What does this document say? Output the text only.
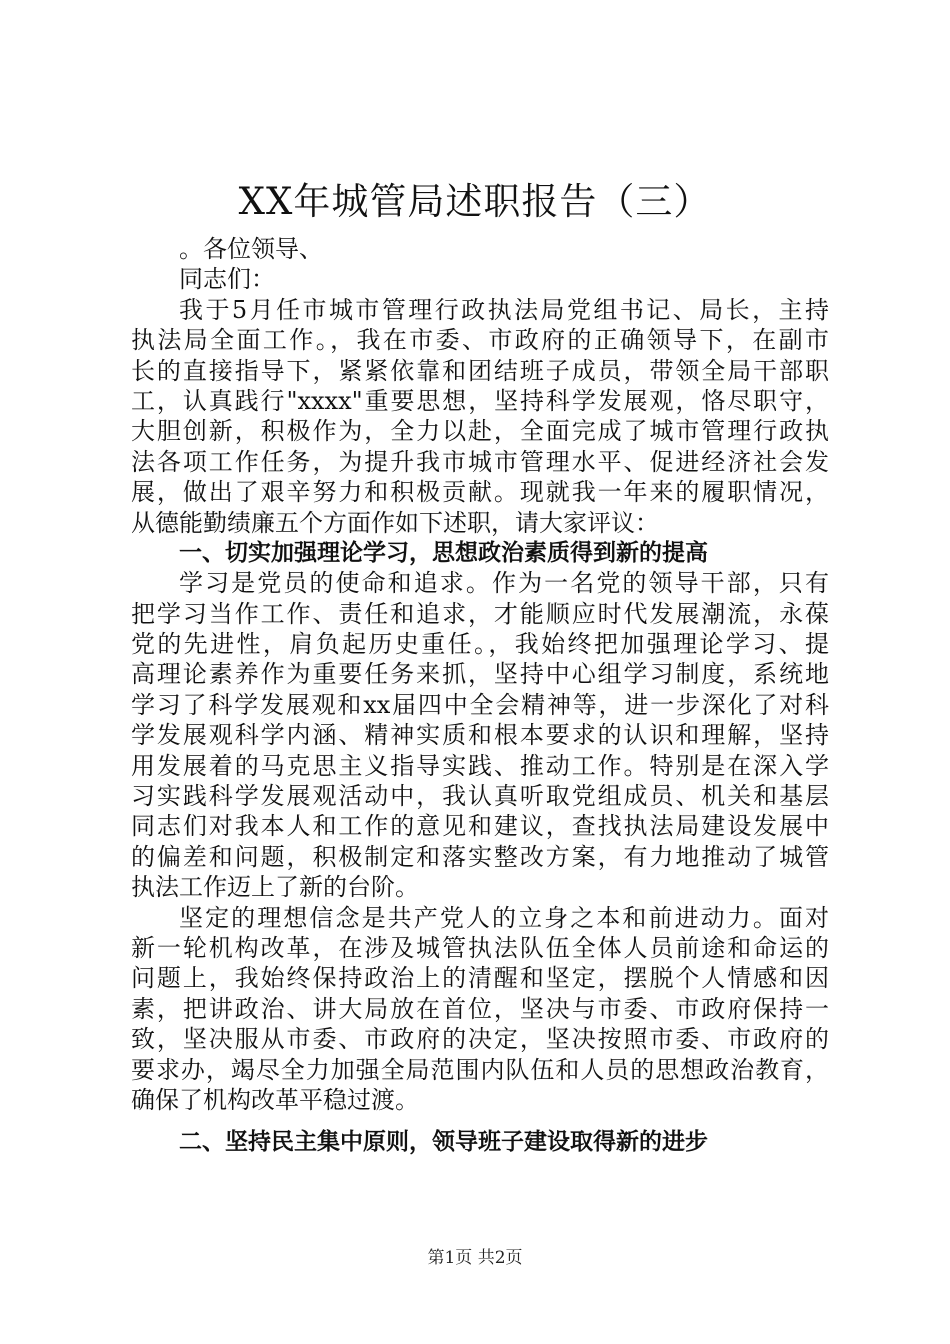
XX年城管局述职报告（三）
。各位领导、
同志们：
我于5月任市城市管理行政执法局党组书记、局长，主持
执法局全面工作。，我在市委、市政府的正确领导下，在副市
长的直接指导下，紧紧依靠和团结班子成员，带领全局干部职
工，认真践行"xxxx"重要思想，坚持科学发展观，恪尽职守，
大胆创新，积极作为，全力以赴，全面完成了城市管理行政执
法各项工作任务，为提升我市城市管理水平、促进经济社会发
展，做出了艰辛努力和积极贡献。现就我一年来的履职情况，
从德能勤绩廉五个方面作如下述职，请大家评议：
一、切实加强理论学习，思想政治素质得到新的提高
学习是党员的使命和追求。作为一名党的领导干部，只有
把学习当作工作、责任和追求，才能顺应时代发展潮流，永葆
党的先进性，肩负起历史重任。，我始终把加强理论学习、提
高理论素养作为重要任务来抓，坚持中心组学习制度，系统地
学习了科学发展观和xx届四中全会精神等，进一步深化了对科
学发展观科学内涵、精神实质和根本要求的认识和理解，坚持
用发展着的马克思主义指导实践、推动工作。特别是在深入学
习实践科学发展观活动中，我认真听取党组成员、机关和基层
同志们对我本人和工作的意见和建议，查找执法局建设发展中
的偏差和问题，积极制定和落实整改方案，有力地推动了城管
执法工作迈上了新的台阶。
坚定的理想信念是共产党人的立身之本和前进动力。面对
新一轮机构改革，在涉及城管执法队伍全体人员前途和命运的
问题上，我始终保持政治上的清醒和坚定，摆脱个人情感和因
素，把讲政治、讲大局放在首位，坚决与市委、市政府保持一
致，坚决服从市委、市政府的决定，坚决按照市委、市政府的
要求办，竭尽全力加强全局范围内队伍和人员的思想政治教育，
确保了机构改革平稳过渡。
二、坚持民主集中原则，领导班子建设取得新的进步
第1页 共2页
